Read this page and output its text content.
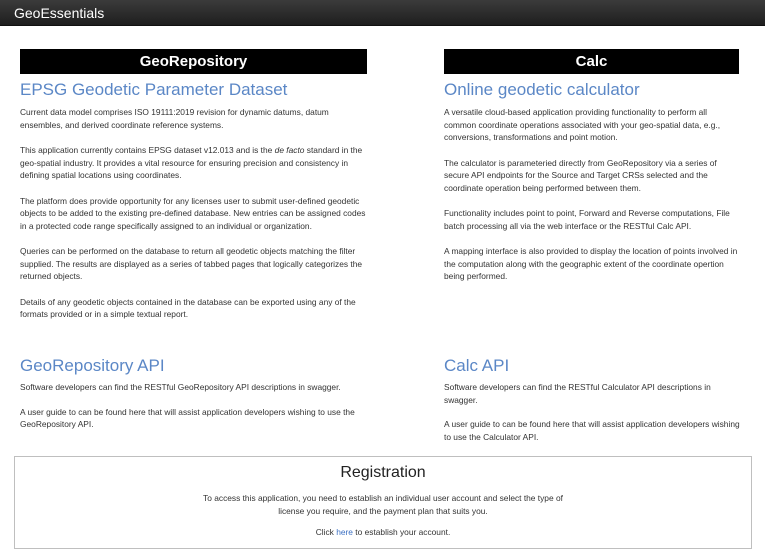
GeoEssentials
GeoRepository
EPSG Geodetic Parameter Dataset

Current data model comprises ISO 19111:2019 revision for dynamic datums, datum ensembles, and derived coordinate reference systems.

This application currently contains EPSG dataset v12.013 and is the de facto standard in the geo-spatial industry. It provides a vital resource for ensuring precision and consistency in defining spatial locations using coordinates.

The platform does provide opportunity for any licenses user to submit user-defined geodetic objects to be added to the existing pre-defined database. New entries can be assigned codes in a protected code range specifically assigned to an individual or organization.

Queries can be performed on the database to return all geodetic objects matching the filter supplied. The results are displayed as a series of tabbed pages that logically categorizes the returned objects.

Details of any geodetic objects contained in the database can be exported using any of the formats provided or in a simple textual report.

Calc
Online geodetic calculator

A versatile cloud-based application providing functionality to perform all common coordinate operations associated with your geo-spatial data, e.g., conversions, transformations and point motion.

The calculator is parameteried directly from GeoRepository via a series of secure API endpoints for the Source and Target CRSs selected and the coordinate operation being performed between them.

Functionality includes point to point, Forward and Reverse computations, File batch processing all via the web interface or the RESTful Calc API.

A mapping interface is also provided to display the location of points involved in the computation along with the geographic extent of the coordinate opertion being performed.

GeoRepository API

Software developers can find the RESTful GeoRepository API descriptions in swagger.

A user guide to can be found here that will assist application developers wishing to use the GeoRepository API.

Calc API

Software developers can find the RESTful Calculator API descriptions in swagger.

A user guide to can be found here that will assist application developers wishing to use the Calculator API.

Registration

To access this application, you need to establish an individual user account and select the type of license you require, and the payment plan that suits you.

Click here to establish your account.
